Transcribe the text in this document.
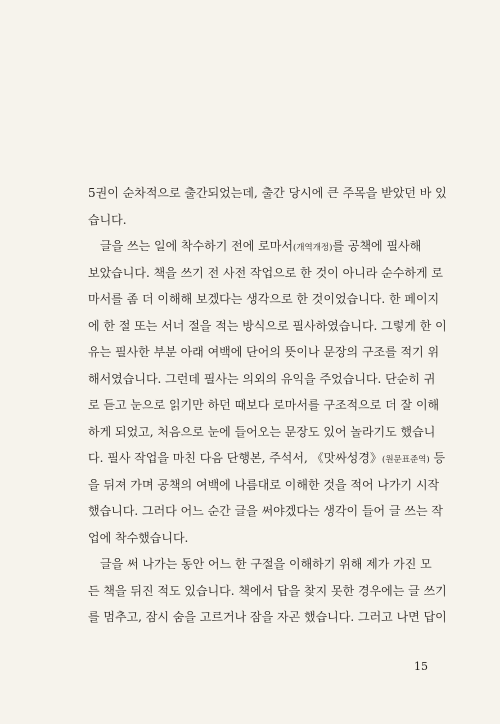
5권이 순차적으로 출간되었는데, 출간 당시에 큰 주목을 받았던 바 있
습니다.
글을 쓰는 일에 착수하기 전에 로마서(개역개정)를 공책에 필사해
보았습니다. 책을 쓰기 전 사전 작업으로 한 것이 아니라 순수하게 로
마서를 좀 더 이해해 보겠다는 생각으로 한 것이었습니다. 한 페이지
에 한 절 또는 서너 절을 적는 방식으로 필사하였습니다. 그렇게 한 이
유는 필사한 부분 아래 여백에 단어의 뜻이나 문장의 구조를 적기 위
해서였습니다. 그런데 필사는 의외의 유익을 주었습니다. 단순히 귀
로 듣고 눈으로 읽기만 하던 때보다 로마서를 구조적으로 더 잘 이해
하게 되었고, 처음으로 눈에 들어오는 문장도 있어 놀라기도 했습니
다. 필사 작업을 마친 다음 단행본, 주석서, 《맛싸성경》(원문표준역) 등
을 뒤져 가며 공책의 여백에 나름대로 이해한 것을 적어 나가기 시작
했습니다. 그러다 어느 순간 글을 써야겠다는 생각이 들어 글 쓰는 작
업에 착수했습니다.
글을 써 나가는 동안 어느 한 구절을 이해하기 위해 제가 가진 모
든 책을 뒤진 적도 있습니다. 책에서 답을 찾지 못한 경우에는 글 쓰기
를 멈추고, 잠시 숨을 고르거나 잠을 자곤 했습니다. 그러고 나면 답이
15
